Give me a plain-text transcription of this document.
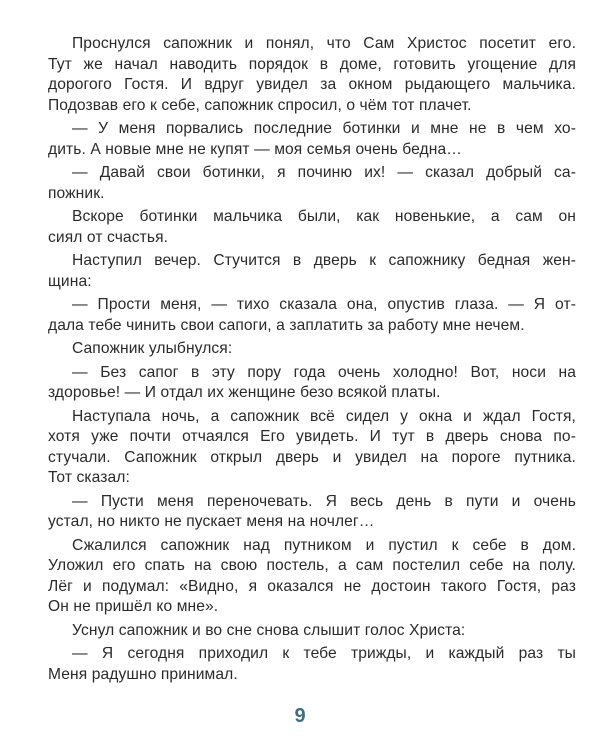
Проснулся сапожник и понял, что Сам Христос посетит его.
Тут же начал наводить порядок в доме, готовить угощение для
дорогого Гостя. И вдруг увидел за окном рыдающего мальчика.
Подозвав его к себе, сапожник спросил, о чём тот плачет.
— У меня порвались последние ботинки и мне не в чем хо-
дить. А новые мне не купят — моя семья очень бедна…
— Давай свои ботинки, я починю их! — сказал добрый са-
пожник.
Вскоре ботинки мальчика были, как новенькие, а сам он
сиял от счастья.
Наступил вечер. Стучится в дверь к сапожнику бедная жен-
щина:
— Прости меня, — тихо сказала она, опустив глаза. — Я от-
дала тебе чинить свои сапоги, а заплатить за работу мне нечем.
Сапожник улыбнулся:
— Без сапог в эту пору года очень холодно! Вот, носи на
здоровье! — И отдал их женщине безо всякой платы.
Наступала ночь, а сапожник всё сидел у окна и ждал Гостя,
хотя уже почти отчаялся Его увидеть. И тут в дверь снова по-
стучали. Сапожник открыл дверь и увидел на пороге путника.
Тот сказал:
— Пусти меня переночевать. Я весь день в пути и очень
устал, но никто не пускает меня на ночлег…
Сжалился сапожник над путником и пустил к себе в дом.
Уложил его спать на свою постель, а сам постелил себе на полу.
Лёг и подумал: «Видно, я оказался не достоин такого Гостя, раз
Он не пришёл ко мне».
Уснул сапожник и во сне снова слышит голос Христа:
— Я сегодня приходил к тебе трижды, и каждый раз ты
Меня радушно принимал.
9
